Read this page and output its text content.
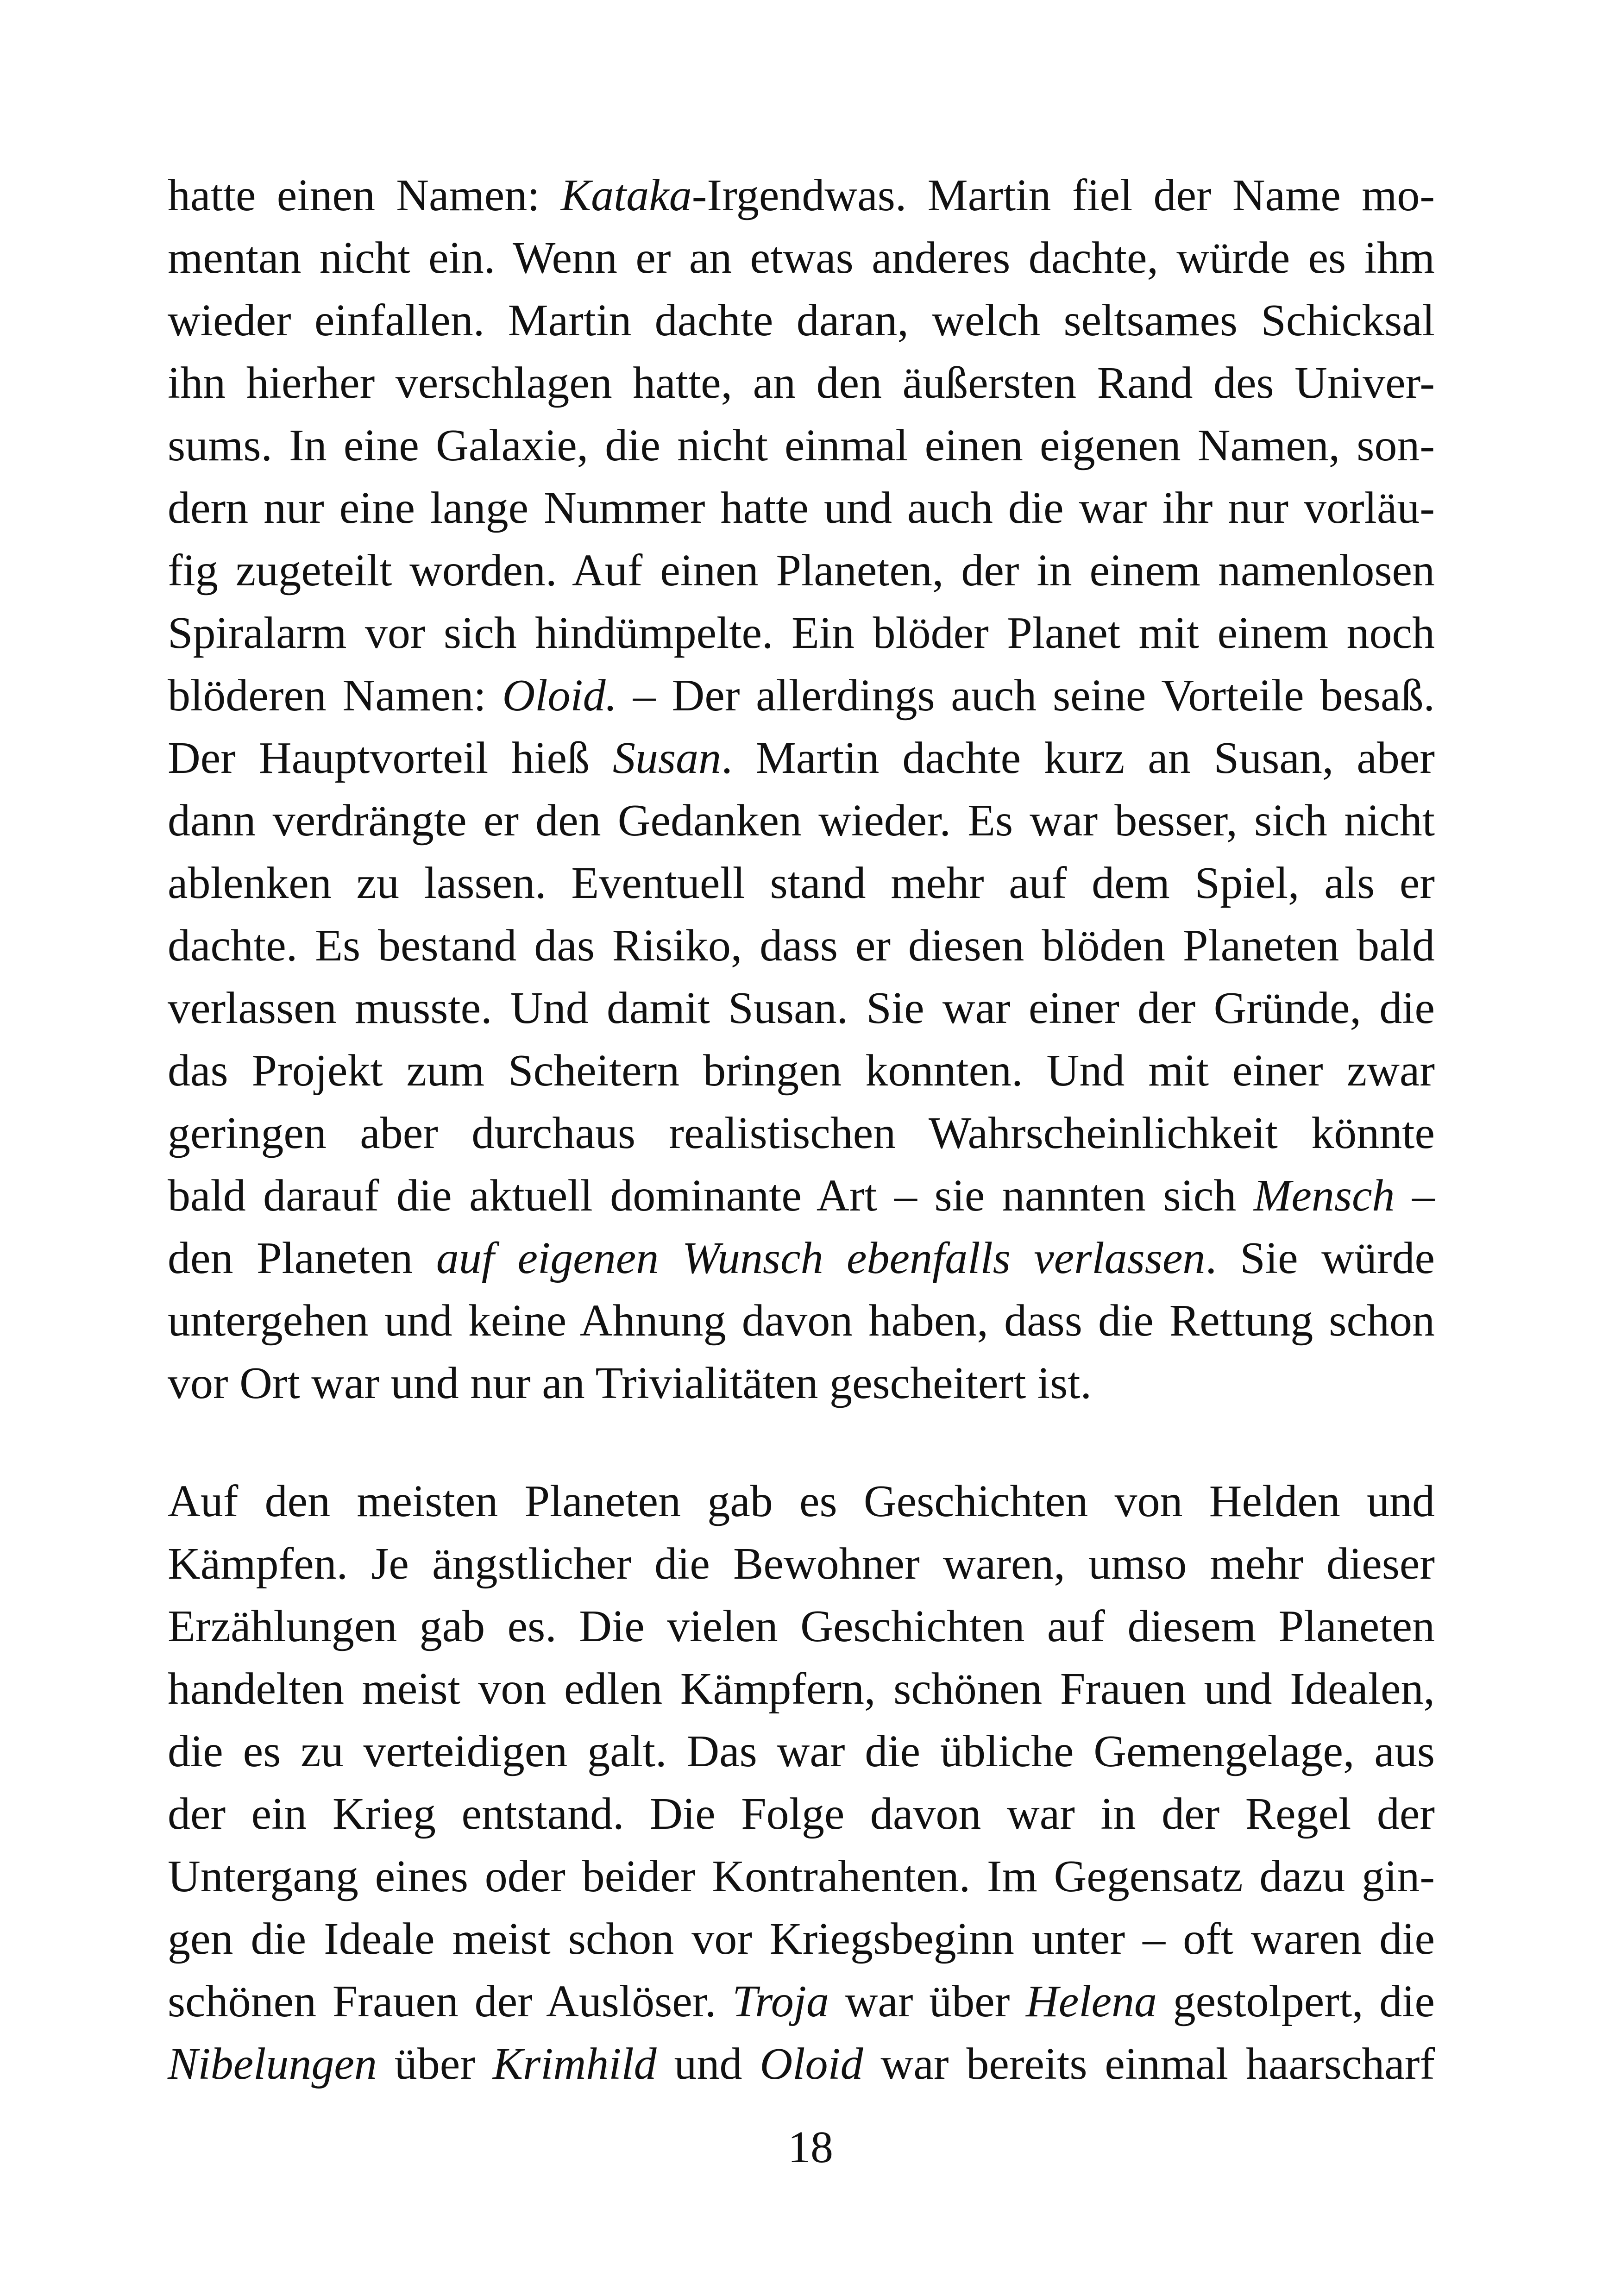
hatte einen Namen: Kataka-Irgendwas. Martin fiel der Name mo-
mentan nicht ein. Wenn er an etwas anderes dachte, würde es ihm
wieder einfallen. Martin dachte daran, welch seltsames Schicksal
ihn hierher verschlagen hatte, an den äußersten Rand des Univer-
sums. In eine Galaxie, die nicht einmal einen eigenen Namen, son-
dern nur eine lange Nummer hatte und auch die war ihr nur vorläu-
fig zugeteilt worden. Auf einen Planeten, der in einem namenlosen
Spiralarm vor sich hindümpelte. Ein blöder Planet mit einem noch
blöderen Namen: Oloid. – Der allerdings auch seine Vorteile besaß.
Der Hauptvorteil hieß Susan. Martin dachte kurz an Susan, aber
dann verdrängte er den Gedanken wieder. Es war besser, sich nicht
ablenken zu lassen. Eventuell stand mehr auf dem Spiel, als er
dachte. Es bestand das Risiko, dass er diesen blöden Planeten bald
verlassen musste. Und damit Susan. Sie war einer der Gründe, die
das Projekt zum Scheitern bringen konnten. Und mit einer zwar
geringen aber durchaus realistischen Wahrscheinlichkeit könnte
bald darauf die aktuell dominante Art – sie nannten sich Mensch –
den Planeten auf eigenen Wunsch ebenfalls verlassen. Sie würde
untergehen und keine Ahnung davon haben, dass die Rettung schon
vor Ort war und nur an Trivialitäten gescheitert ist.
Auf den meisten Planeten gab es Geschichten von Helden und
Kämpfen. Je ängstlicher die Bewohner waren, umso mehr dieser
Erzählungen gab es. Die vielen Geschichten auf diesem Planeten
handelten meist von edlen Kämpfern, schönen Frauen und Idealen,
die es zu verteidigen galt. Das war die übliche Gemengelage, aus
der ein Krieg entstand. Die Folge davon war in der Regel der
Untergang eines oder beider Kontrahenten. Im Gegensatz dazu gin-
gen die Ideale meist schon vor Kriegsbeginn unter – oft waren die
schönen Frauen der Auslöser. Troja war über Helena gestolpert, die
Nibelungen über Krimhild und Oloid war bereits einmal haarscharf
18
